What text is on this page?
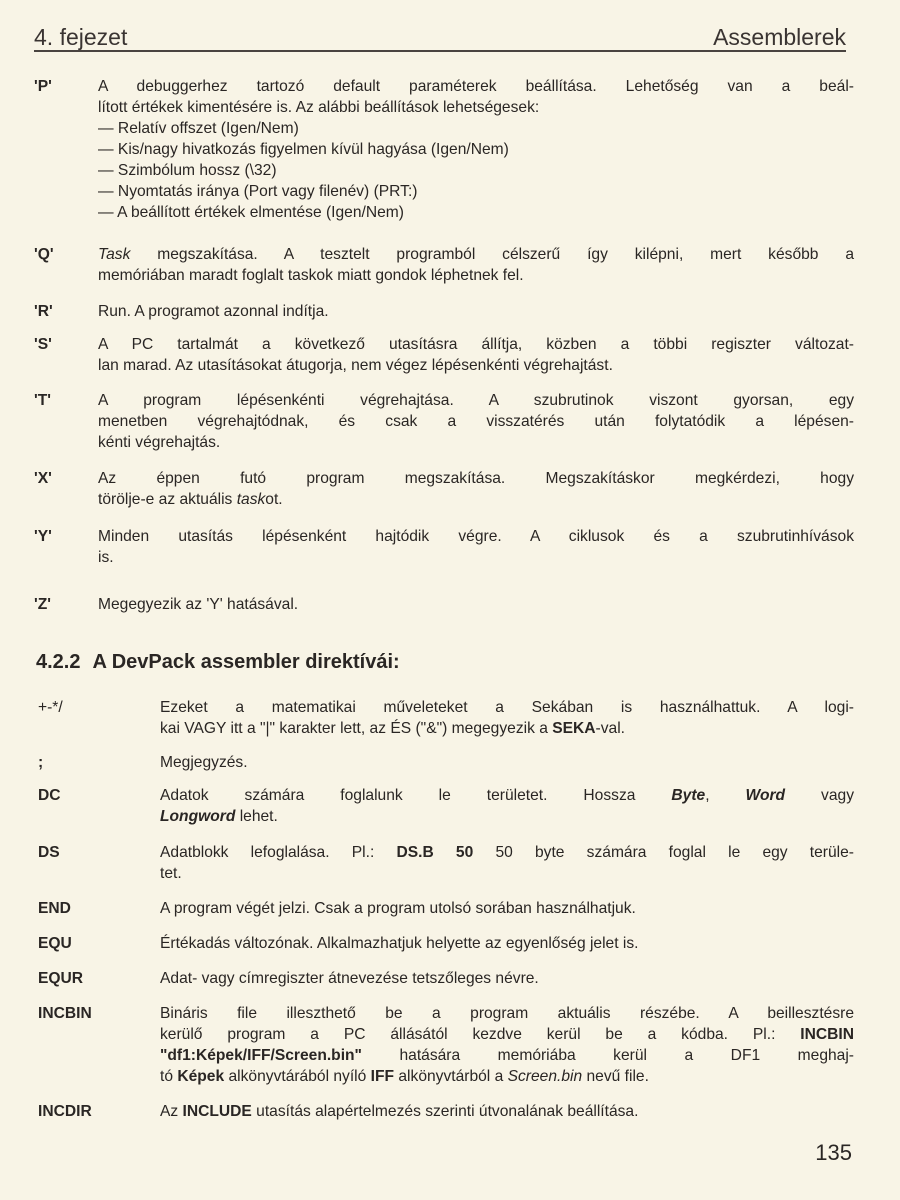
4. fejezet	Assemblerek
'P'	A debuggerhez tartozó default paraméterek beállítása. Lehetőség van a beál-
lított értékek kimentésére is. Az alábbi beállítások lehetségesek:
— Relatív offszet (Igen/Nem)
— Kis/nagy hivatkozás figyelmen kívül hagyása (Igen/Nem)
— Szimbólum hossz (\32)
— Nyomtatás iránya (Port vagy filenév) (PRT:)
— A beállított értékek elmentése (Igen/Nem)
'Q'	Task megszakítása. A tesztelt programból célszerű így kilépni, mert később a
memóriában maradt foglalt taskok miatt gondok léphetnek fel.
'R'	Run. A programot azonnal indítja.
'S'	A PC tartalmát a következő utasításra állítja, közben a többi regiszter változat-
lan marad. Az utasításokat átugorja, nem végez lépésenkénti végrehajtást.
'T'	A program lépésenkénti végrehajtása. A szubrutinok viszont gyorsan, egy
menetben végrehajtódnak, és csak a visszatérés után folytatódik a lépésen-
kénti végrehajtás.
'X'	Az éppen futó program megszakítása. Megszakításkor megkérdezi, hogy
törölje-e az aktuális taskot.
'Y'	Minden utasítás lépésenként hajtódik végre. A ciklusok és a szubrutinhívások
is.
'Z'	Megegyezik az 'Y' hatásával.
4.2.2 A DevPack assembler direktívái:
+-*/	Ezeket a matematikai műveleteket a Sekában is használhattuk. A logi-
kai VAGY itt a "|" karakter lett, az ÉS ("&") megegyezik a SEKA-val.
;	Megjegyzés.
DC	Adatok számára foglalunk le területet. Hossza Byte, Word vagy
Longword lehet.
DS	Adatblokk lefoglalása. Pl.: DS.B 50 50 byte számára foglal le egy terüle-
tet.
END	A program végét jelzi. Csak a program utolsó sorában használhatjuk.
EQU	Értékadás változónak. Alkalmazhatjuk helyette az egyenlőség jelet is.
EQUR	Adat- vagy címregiszter átnevezése tetszőleges névre.
INCBIN	Bináris file illeszthető be a program aktuális részébe. A beillesztésre
kerülő program a PC állásától kezdve kerül be a kódba. Pl.: INCBIN
"df1:Képek/IFF/Screen.bin" hatására memóriába kerül a DF1 meghaj-
tó Képek alkönyvtárából nyíló IFF alkönyvtárból a Screen.bin nevű file.
INCDIR	Az INCLUDE utasítás alapértelmezés szerinti útvonalának beállítása.
135
